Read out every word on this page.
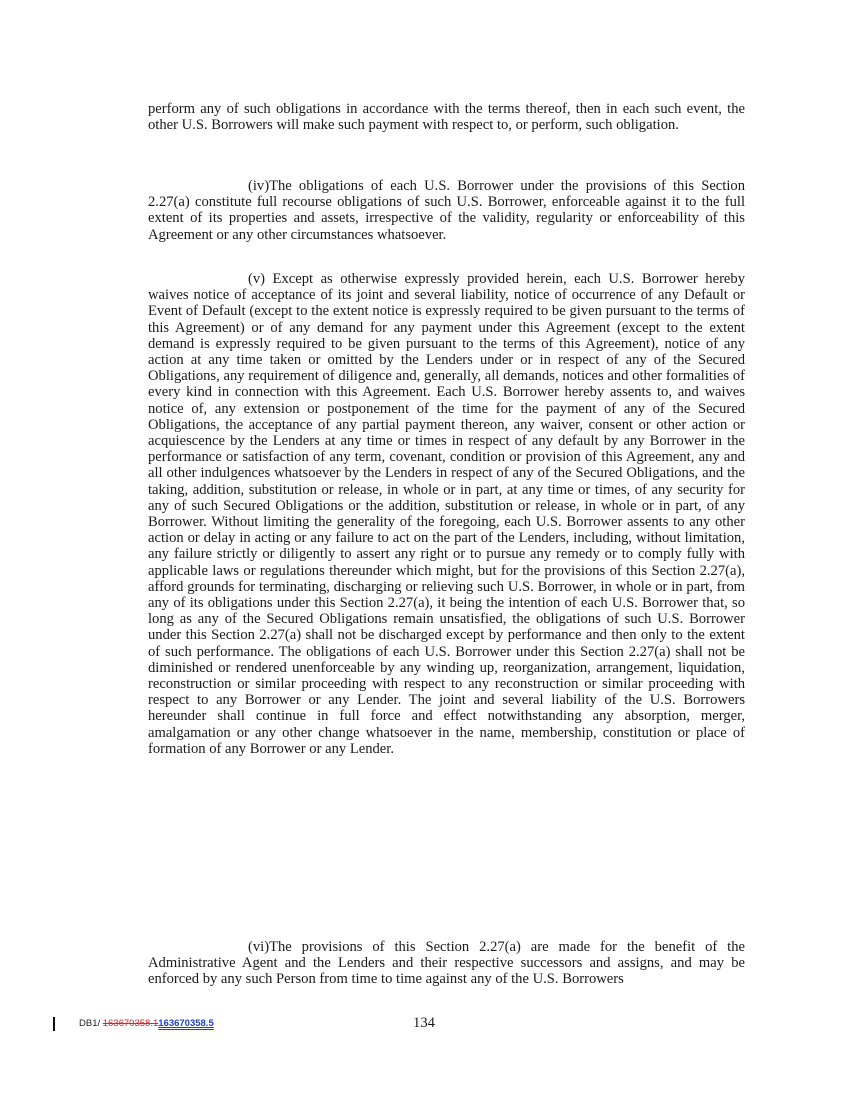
perform any of such obligations in accordance with the terms thereof, then in each such event, the other U.S. Borrowers will make such payment with respect to, or perform, such obligation.

(iv)The obligations of each U.S. Borrower under the provisions of this Section 2.27(a) constitute full recourse obligations of such U.S. Borrower, enforceable against it to the full extent of its properties and assets, irrespective of the validity, regularity or enforceability of this Agreement or any other circumstances whatsoever.

(v) Except as otherwise expressly provided herein, each U.S. Borrower hereby waives notice of acceptance of its joint and several liability, notice of occurrence of any Default or Event of Default (except to the extent notice is expressly required to be given pursuant to the terms of this Agreement) or of any demand for any payment under this Agreement (except to the extent demand is expressly required to be given pursuant to the terms of this Agreement), notice of any action at any time taken or omitted by the Lenders under or in respect of any of the Secured Obligations, any requirement of diligence and, generally, all demands, notices and other formalities of every kind in connection with this Agreement. Each U.S. Borrower hereby assents to, and waives notice of, any extension or postponement of the time for the payment of any of the Secured Obligations, the acceptance of any partial payment thereon, any waiver, consent or other action or acquiescence by the Lenders at any time or times in respect of any default by any Borrower in the performance or satisfaction of any term, covenant, condition or provision of this Agreement, any and all other indulgences whatsoever by the Lenders in respect of any of the Secured Obligations, and the taking, addition, substitution or release, in whole or in part, at any time or times, of any security for any of such Secured Obligations or the addition, substitution or release, in whole or in part, of any Borrower. Without limiting the generality of the foregoing, each U.S. Borrower assents to any other action or delay in acting or any failure to act on the part of the Lenders, including, without limitation, any failure strictly or diligently to assert any right or to pursue any remedy or to comply fully with applicable laws or regulations thereunder which might, but for the provisions of this Section 2.27(a), afford grounds for terminating, discharging or relieving such U.S. Borrower, in whole or in part, from any of its obligations under this Section 2.27(a), it being the intention of each U.S. Borrower that, so long as any of the Secured Obligations remain unsatisfied, the obligations of such U.S. Borrower under this Section 2.27(a) shall not be discharged except by performance and then only to the extent of such performance. The obligations of each U.S. Borrower under this Section 2.27(a) shall not be diminished or rendered unenforceable by any winding up, reorganization, arrangement, liquidation, reconstruction or similar proceeding with respect to any reconstruction or similar proceeding with respect to any Borrower or any Lender. The joint and several liability of the U.S. Borrowers hereunder shall continue in full force and effect notwithstanding any absorption, merger, amalgamation or any other change whatsoever in the name, membership, constitution or place of formation of any Borrower or any Lender.

(vi)The provisions of this Section 2.27(a) are made for the benefit of the Administrative Agent and the Lenders and their respective successors and assigns, and may be enforced by any such Person from time to time against any of the U.S. Borrowers

DB1/ 163670358.1163670358.5	134
